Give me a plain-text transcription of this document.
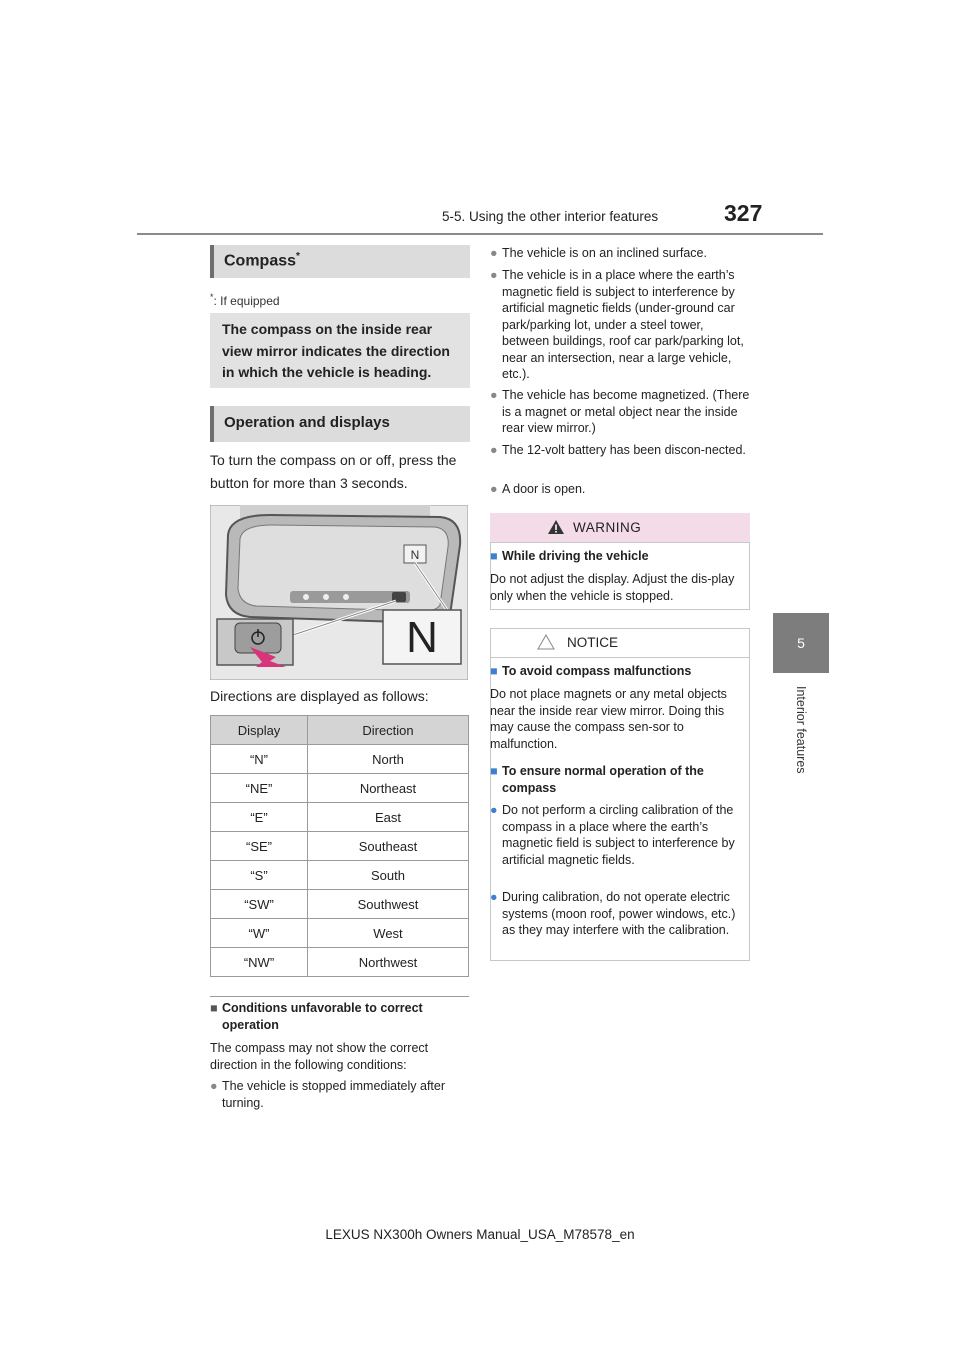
5-5. Using the other interior features	327
5
Interior features
Compass*
*: If equipped
The compass on the inside rear view mirror indicates the direction in which the vehicle is heading.
Operation and displays
To turn the compass on or off, press the button for more than 3 seconds.
N
N
Directions are displayed as follows:
Display	Direction
“N”	North
“NE”	Northeast
“E”	East
“SE”	Southeast
“S”	South
“SW”	Southwest
“W”	West
“NW”	Northwest
■ Conditions unfavorable to correct operation
The compass may not show the correct direction in the following conditions:
● The vehicle is stopped immediately after turning.
● The vehicle is on an inclined surface.
● The vehicle is in a place where the earth’s magnetic field is subject to interference by artificial magnetic fields (under-ground car park/parking lot, under a steel tower, between buildings, roof car park/parking lot, near an intersection, near a large vehicle, etc.).
● The vehicle has become magnetized. (There is a magnet or metal object near the inside rear view mirror.)
● The 12-volt battery has been discon-nected.
● A door is open.
WARNING
■ While driving the vehicle
Do not adjust the display. Adjust the dis-play only when the vehicle is stopped.
NOTICE
■ To avoid compass malfunctions
Do not place magnets or any metal objects near the inside rear view mirror. Doing this may cause the compass sen-sor to malfunction.
■ To ensure normal operation of the compass
● Do not perform a circling calibration of the compass in a place where the earth’s magnetic field is subject to interference by artificial magnetic fields.
● During calibration, do not operate electric systems (moon roof, power windows, etc.) as they may interfere with the calibration.
LEXUS NX300h Owners Manual_USA_M78578_en
